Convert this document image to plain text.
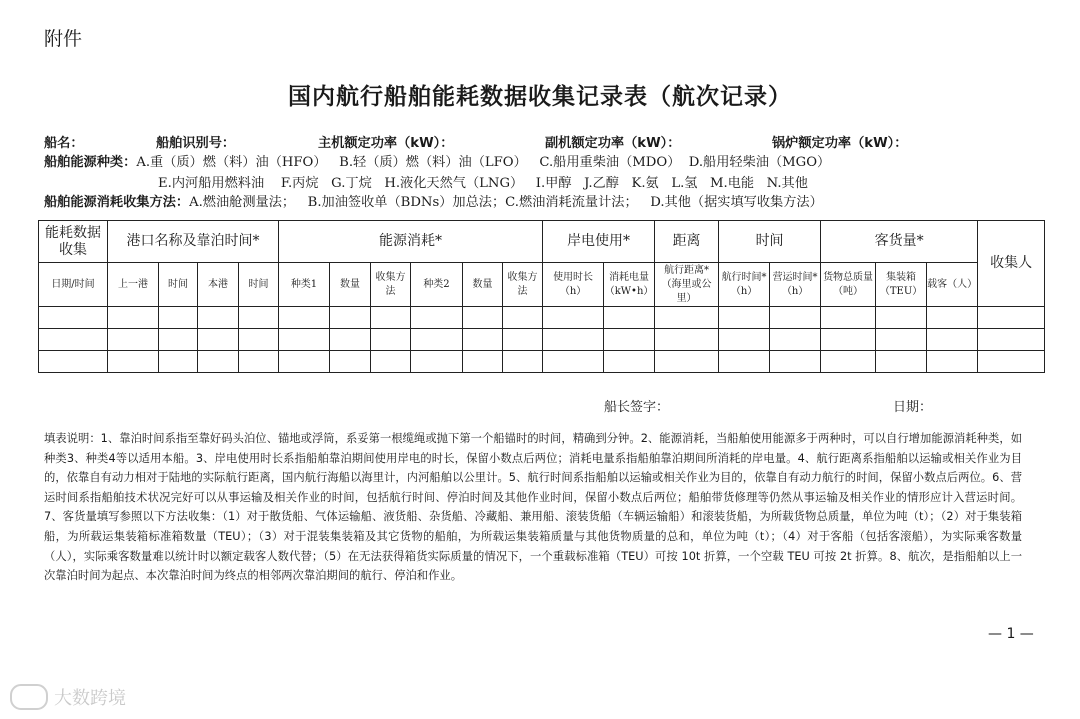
附件
国内航行船舶能耗数据收集记录表（航次记录）
船名：	船舶识别号：	主机额定功率（kW）：	副机额定功率（kW）：	锅炉额定功率（kW）：
船舶能源种类：A.重（质）燃（料）油（HFO）   B.轻（质）燃（料）油（LFO）   C.船用重柴油（MDO）  D.船用轻柴油（MGO）
E.内河船用燃料油    F.丙烷   G.丁烷   H.液化天然气（LNG）   I.甲醇   J.乙醇   K.氨   L.氢   M.电能   N.其他
船舶能源消耗收集方法：A.燃油舱测量法；   B.加油签收单（BDNs）加总法；C.燃油消耗流量计法；   D.其他（据实填写收集方法）
能耗数据收集	港口名称及靠泊时间*				能源消耗*						岸电使用*		距离	时间		客货量*			收集人
日期/时间	上一港	时间	本港	时间	种类1	数量	收集方法	种类2	数量	收集方法	使用时长（h）	消耗电量（kW•h）	航行距离*（海里或公里）	航行时间*（h）	营运时间*（h）	货物总质量（吨）	集装箱（TEU）	载客（人）	

船长签字：	日期：
填表说明：1、靠泊时间系指至靠好码头泊位、锚地或浮筒，系妥第一根缆绳或抛下第一个船锚时的时间，精确到分钟。2、能源消耗，当船舶使用能源多于两种时，可以自行增加能源消耗种类，如种类3、种类4等以适用本船。3、岸电使用时长系指船舶靠泊期间使用岸电的时长，保留小数点后两位；消耗电量系指船舶靠泊期间所消耗的岸电量。4、航行距离系指船舶以运输或相关作业为目的，依靠自有动力相对于陆地的实际航行距离，国内航行海船以海里计，内河船舶以公里计。5、航行时间系指船舶以运输或相关作业为目的，依靠自有动力航行的时间，保留小数点后两位。6、营运时间系指船舶技术状况完好可以从事运输及相关作业的时间，包括航行时间、停泊时间及其他作业时间，保留小数点后两位；船舶带货修理等仍然从事运输及相关作业的情形应计入营运时间。7、客货量填写参照以下方法收集：（1）对于散货船、气体运输船、液货船、杂货船、冷藏船、兼用船、滚装货船（车辆运输船）和滚装货船，为所载货物总质量，单位为吨（t）；（2）对于集装箱船，为所载运集装箱标准箱数量（TEU）；（3）对于混装集装箱及其它货物的船舶，为所载运集装箱质量与其他货物质量的总和，单位为吨（t）；（4）对于客船（包括客滚船），为实际乘客数量（人），实际乘客数量难以统计时以额定载客人数代替；（5）在无法获得箱货实际质量的情况下，一个重载标准箱（TEU）可按 10t 折算，一个空载 TEU 可按 2t 折算。8、航次，是指船舶以上一次靠泊时间为起点、本次靠泊时间为终点的相邻两次靠泊期间的航行、停泊和作业。
— 1 —
大数跨境
